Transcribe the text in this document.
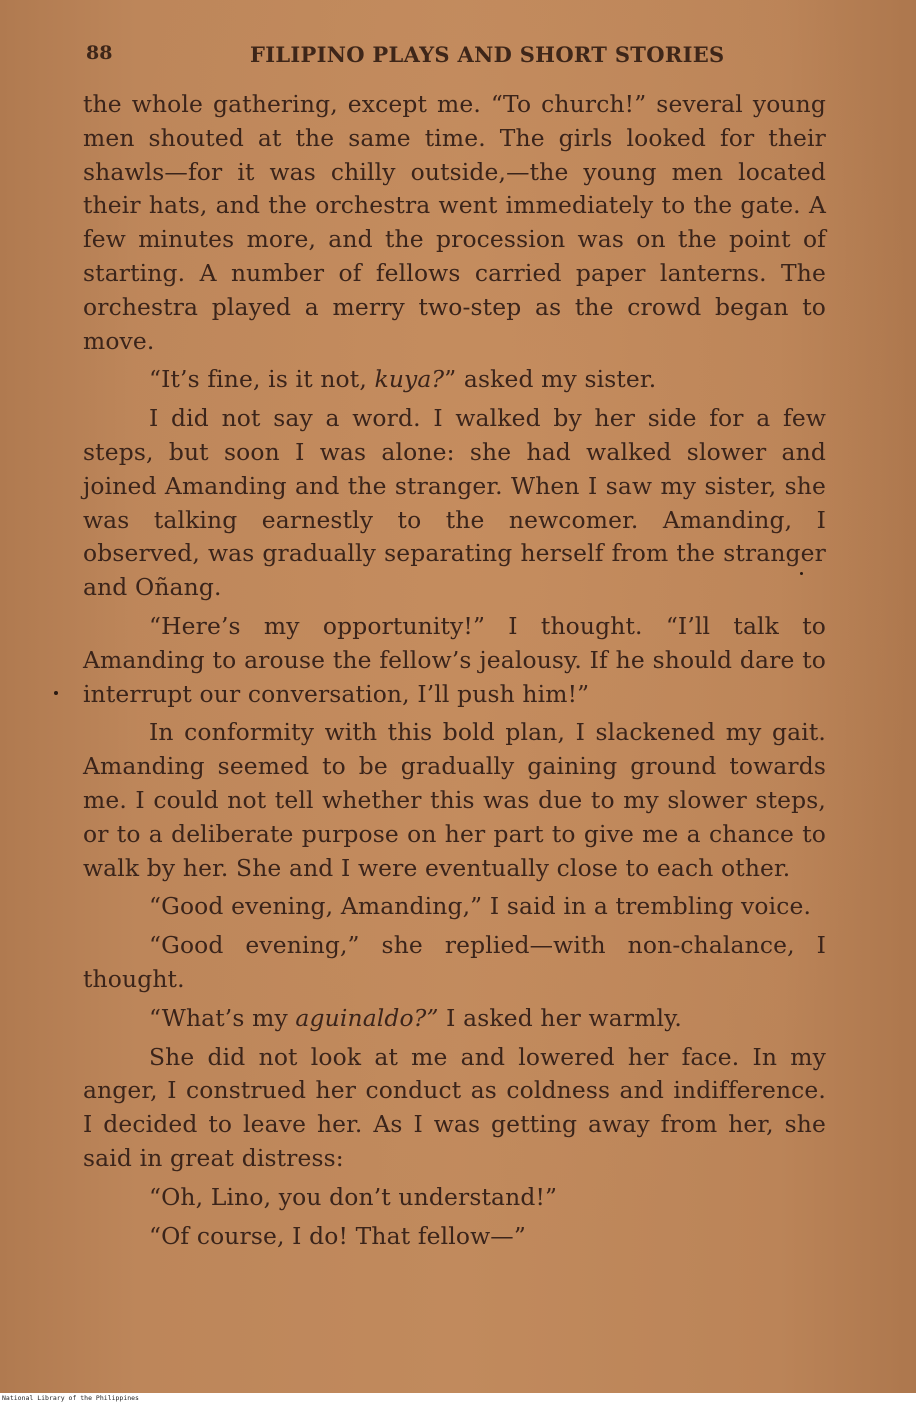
88	FILIPINO PLAYS AND SHORT STORIES

the whole gathering, except me. “To church!” several young men shouted at the same time. The girls looked for their shawls—for it was chilly outside,—the young men located their hats, and the orchestra went immediately to the gate. A few minutes more, and the procession was on the point of starting. A number of fellows carried paper lanterns. The orchestra played a merry two-step as the crowd began to move.

“It’s fine, is it not, kuya?” asked my sister.

I did not say a word. I walked by her side for a few steps, but soon I was alone: she had walked slower and joined Amanding and the stranger. When I saw my sister, she was talking earnestly to the newcomer. Amanding, I observed, was gradually separating herself from the stranger and Oñang.

“Here’s my opportunity!” I thought. “I’ll talk to Amanding to arouse the fellow’s jealousy. If he should dare to interrupt our conversation, I’ll push him!”

In conformity with this bold plan, I slackened my gait. Amanding seemed to be gradually gaining ground towards me. I could not tell whether this was due to my slower steps, or to a deliberate purpose on her part to give me a chance to walk by her. She and I were eventually close to each other.

“Good evening, Amanding,” I said in a trembling voice.

“Good evening,” she replied—with non-chalance, I thought.

“What’s my aguinaldo?” I asked her warmly.

She did not look at me and lowered her face. In my anger, I construed her conduct as coldness and indifference. I decided to leave her. As I was getting away from her, she said in great distress:

“Oh, Lino, you don’t understand!”

“Of course, I do! That fellow—”

National Library of the Philippines
